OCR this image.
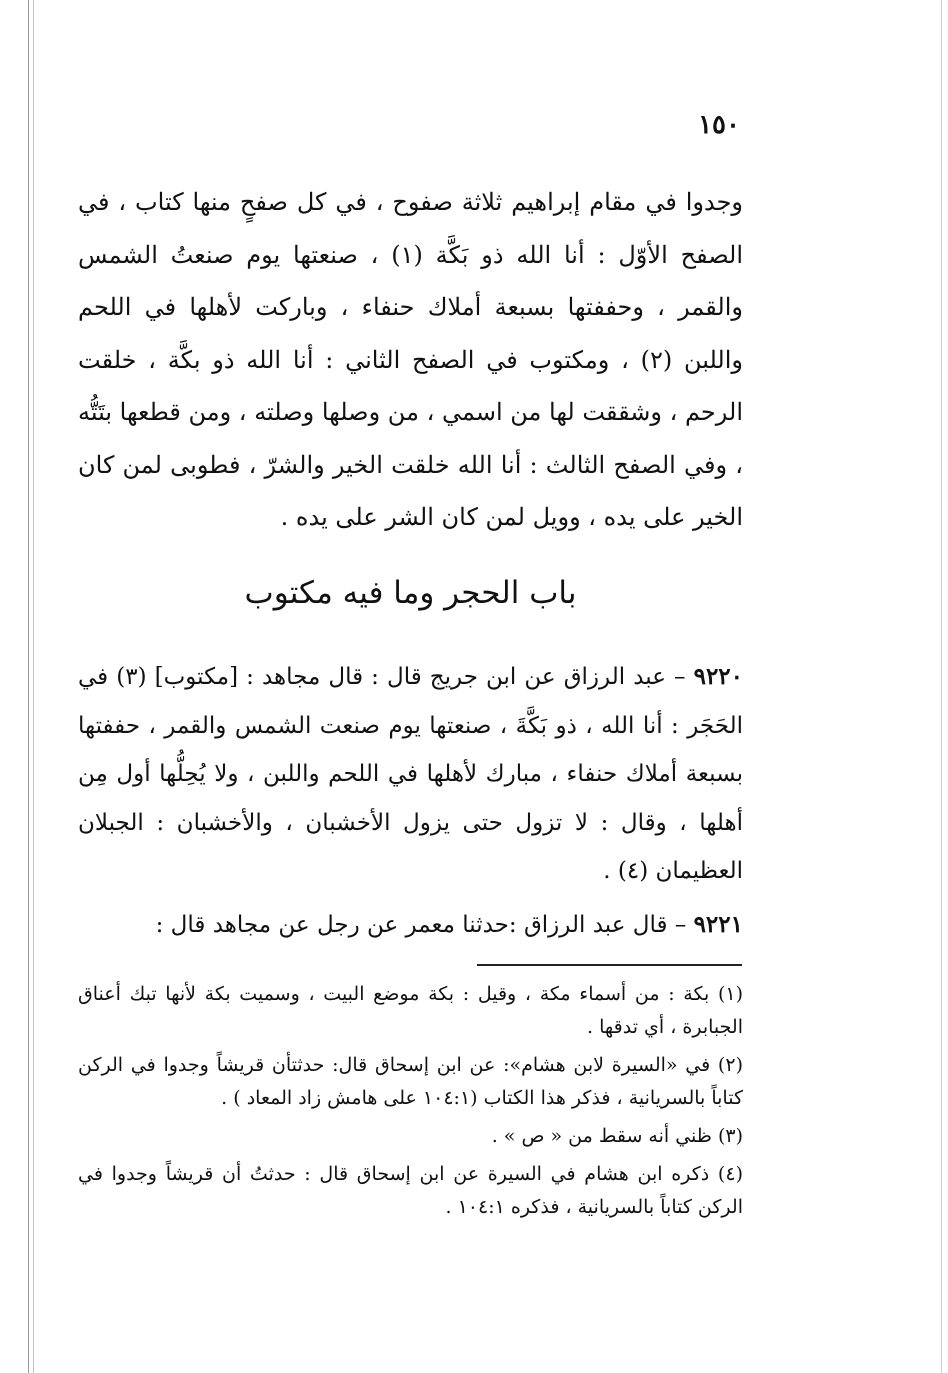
١٥٠

وجدوا في مقام إبراهيم ثلاثة صفوح ، في كل صفحٍ منها كتاب ، في الصفح الأوّل : أنا الله ذو بَكَّة (١) ، صنعتها يوم صنعتُ الشمس والقمر ، وحففتها بسبعة أملاك حنفاء ، وباركت لأهلها في اللحم واللبن (٢) ، ومكتوب في الصفح الثاني : أنا الله ذو بكَّة ، خلقت الرحم ، وشققت لها من اسمي ، من وصلها وصلته ، ومن قطعها بتَتُّه ، وفي الصفح الثالث : أنا الله خلقت الخير والشرّ ، فطوبى لمن كان الخير على يده ، وويل لمن كان الشر على يده .

باب الحجر وما فيه مكتوب

٩٢٢٠ – عبد الرزاق عن ابن جريج قال : قال مجاهد : [مكتوب] (٣) في الحَجَر : أنا الله ، ذو بَكَّةَ ، صنعتها يوم صنعت الشمس والقمر ، حففتها بسبعة أملاك حنفاء ، مبارك لأهلها في اللحم واللبن ، ولا يُحِلُّها أول مِن أهلها ، وقال : لا تزول حتى يزول الأخشبان ، والأخشبان : الجبلان العظيمان (٤) .

٩٢٢١ – قال عبد الرزاق :حدثنا معمر عن رجل عن مجاهد قال :

(١) بكة : من أسماء مكة ، وقيل : بكة موضع البيت ، وسميت بكة لأنها تبك أعناق الجبابرة ، أي تدقها .

(٢) في «السيرة لابن هشام»: عن ابن إسحاق قال: حدثتأن قريشاً وجدوا في الركن كتاباً بالسريانية ، فذكر هذا الكتاب (١٠٤:١ على هامش زاد المعاد ) .

(٣) ظني أنه سقط من « ص » .

(٤) ذكره ابن هشام في السيرة عن ابن إسحاق قال : حدثتُ أن قريشاً وجدوا في الركن كتاباً بالسريانية ، فذكره ١٠٤:١ .
